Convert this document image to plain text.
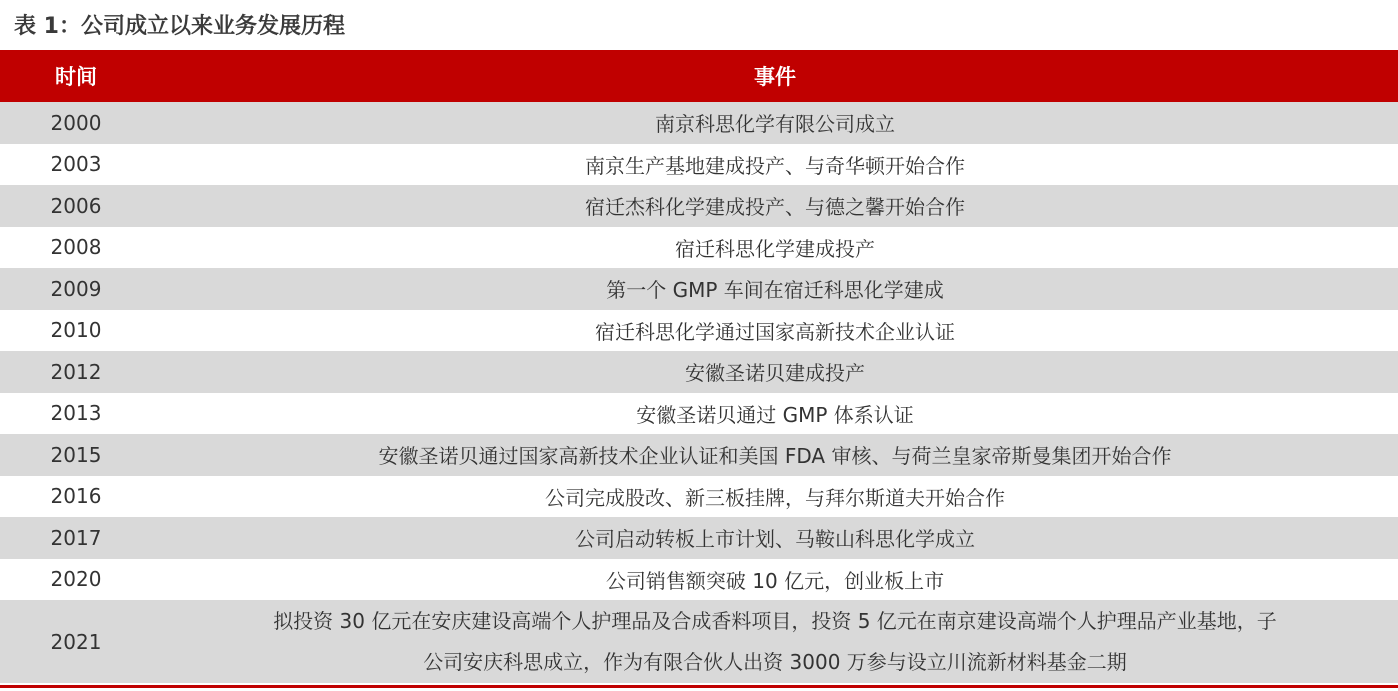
表 1：公司成立以来业务发展历程
时间	事件
2000	南京科思化学有限公司成立
2003	南京生产基地建成投产、与奇华顿开始合作
2006	宿迁杰科化学建成投产、与德之馨开始合作
2008	宿迁科思化学建成投产
2009	第一个 GMP 车间在宿迁科思化学建成
2010	宿迁科思化学通过国家高新技术企业认证
2012	安徽圣诺贝建成投产
2013	安徽圣诺贝通过 GMP 体系认证
2015	安徽圣诺贝通过国家高新技术企业认证和美国 FDA 审核、与荷兰皇家帝斯曼集团开始合作
2016	公司完成股改、新三板挂牌，与拜尔斯道夫开始合作
2017	公司启动转板上市计划、马鞍山科思化学成立
2020	公司销售额突破 10 亿元，创业板上市
2021	拟投资 30 亿元在安庆建设高端个人护理品及合成香料项目，投资 5 亿元在南京建设高端个人护理品产业基地，子
公司安庆科思成立，作为有限合伙人出资 3000 万参与设立川流新材料基金二期
